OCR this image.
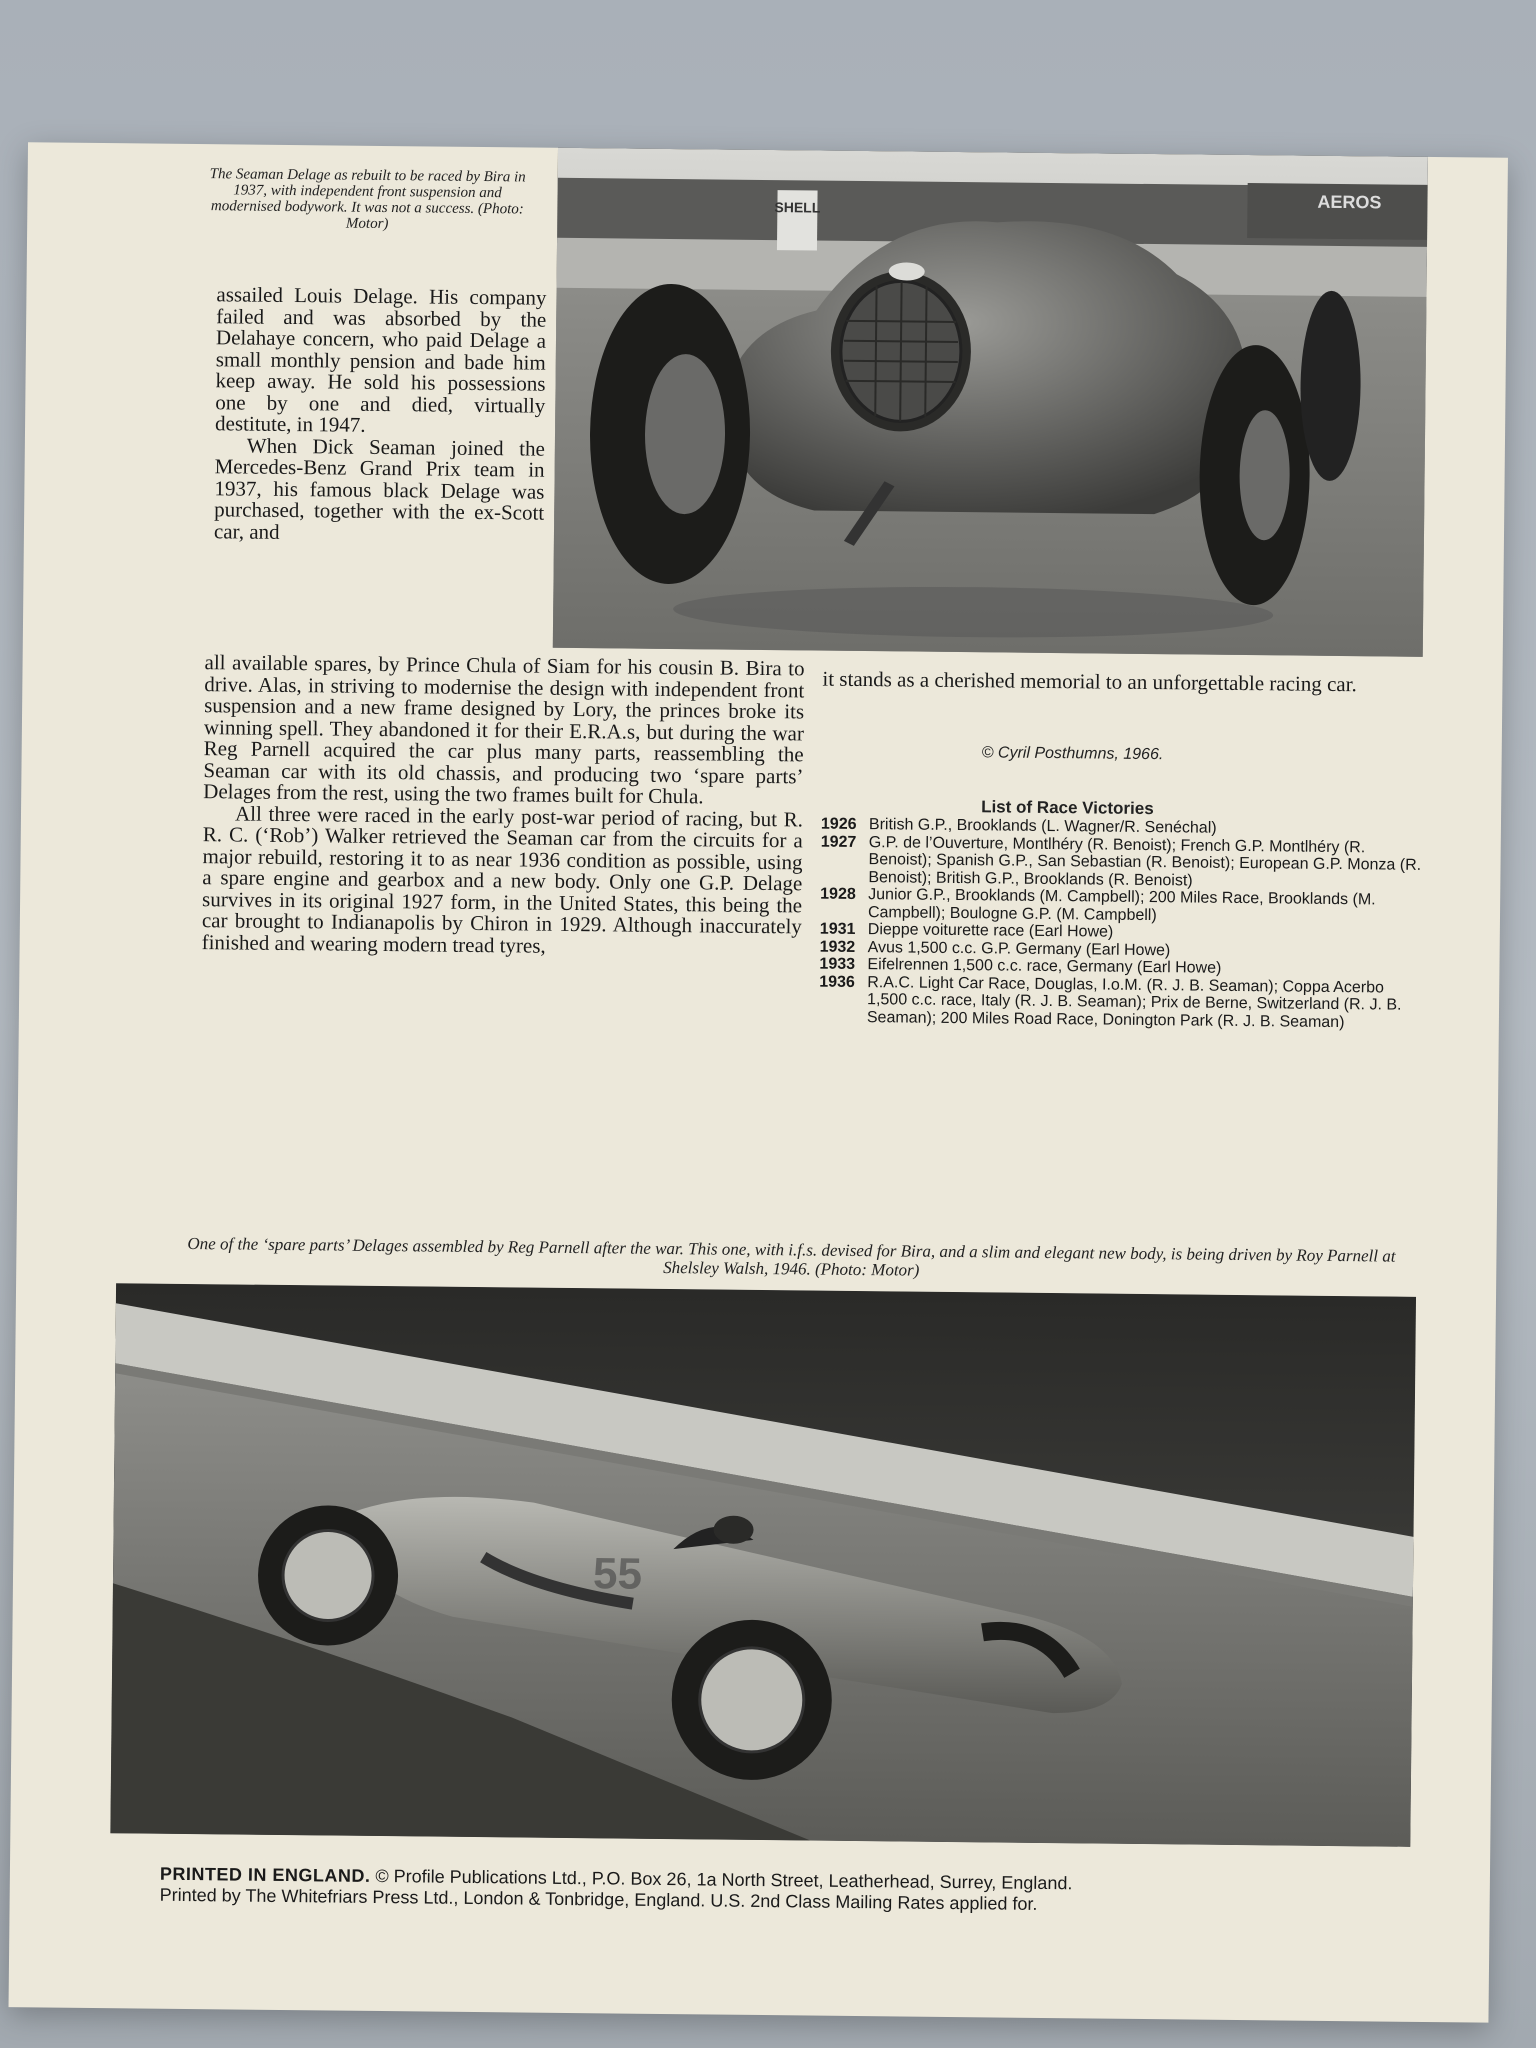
SHELL	AEROS
The Seaman Delage as rebuilt to be raced by Bira in 1937, with independent front suspension and modernised bodywork. It was not a success. (Photo: Motor)

assailed Louis Delage. His company failed and was absorbed by the Delahaye concern, who paid Delage a small monthly pension and bade him keep away. He sold his possessions one by one and died, virtually destitute, in 1947.

When Dick Seaman joined the Mercedes-Benz Grand Prix team in 1937, his famous black Delage was purchased, together with the ex-Scott car, and

all available spares, by Prince Chula of Siam for his cousin B. Bira to drive. Alas, in striving to modernise the design with independent front suspension and a new frame designed by Lory, the princes broke its winning spell. They abandoned it for their E.R.A.s, but during the war Reg Parnell acquired the car plus many parts, reassembling the Seaman car with its old chassis, and producing two ‘spare parts’ Delages from the rest, using the two frames built for Chula.

All three were raced in the early post-war period of racing, but R. R. C. (‘Rob’) Walker retrieved the Seaman car from the circuits for a major rebuild, restoring it to as near 1936 condition as possible, using a spare engine and gearbox and a new body. Only one G.P. Delage survives in its original 1927 form, in the United States, this being the car brought to Indianapolis by Chiron in 1929. Although inaccurately finished and wearing modern tread tyres,

it stands as a cherished memorial to an unforgettable racing car.

© Cyril Posthumns, 1966.
List of Race Victories
1926 British G.P., Brooklands (L. Wagner/R. Senéchal)
1927 G.P. de l’Ouverture, Montlhéry (R. Benoist); French G.P. Montlhéry (R. Benoist); Spanish G.P., San Sebastian (R. Benoist); European G.P. Monza (R. Benoist); British G.P., Brooklands (R. Benoist)
1928 Junior G.P., Brooklands (M. Campbell); 200 Miles Race, Brooklands (M. Campbell); Boulogne G.P. (M. Campbell)
1931 Dieppe voiturette race (Earl Howe)
1932 Avus 1,500 c.c. G.P. Germany (Earl Howe)
1933 Eifelrennen 1,500 c.c. race, Germany (Earl Howe)
1936 R.A.C. Light Car Race, Douglas, I.o.M. (R. J. B. Seaman); Coppa Acerbo 1,500 c.c. race, Italy (R. J. B. Seaman); Prix de Berne, Switzerland (R. J. B. Seaman); 200 Miles Road Race, Donington Park (R. J. B. Seaman)
One of the ‘spare parts’ Delages assembled by Reg Parnell after the war. This one, with i.f.s. devised for Bira, and a slim and elegant new body, is being driven by Roy Parnell at Shelsley Walsh, 1946. (Photo: Motor)
55
PRINTED IN ENGLAND. © Profile Publications Ltd., P.O. Box 26, 1a North Street, Leatherhead, Surrey, England.
Printed by The Whitefriars Press Ltd., London & Tonbridge, England. U.S. 2nd Class Mailing Rates applied for.
